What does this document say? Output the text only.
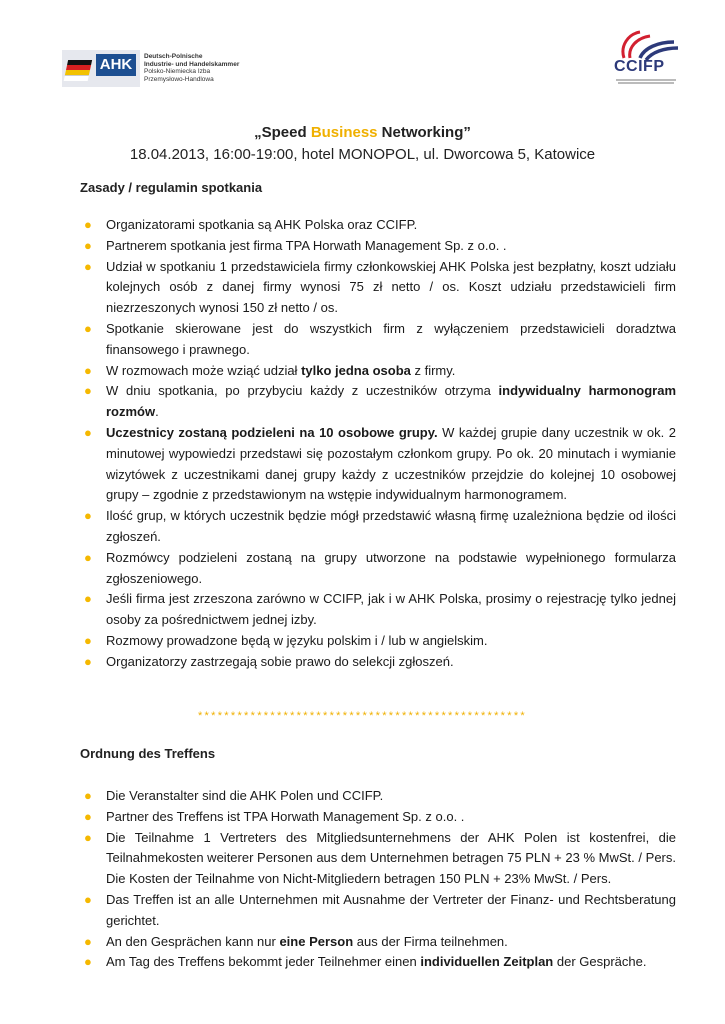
AHK	Deutsch-Polnische
Industrie- und Handelskammer
Polsko-Niemiecka Izba
Przemysłowo-Handlowa
CCIFP
„Speed Business Networking”
18.04.2013, 16:00-19:00, hotel MONOPOL, ul. Dworcowa 5, Katowice
Zasady / regulamin spotkania
● Organizatorami spotkania są AHK Polska oraz CCIFP.
● Partnerem spotkania jest firma TPA Horwath Management Sp. z o.o. .
● Udział w spotkaniu 1 przedstawiciela firmy członkowskiej AHK Polska jest bezpłatny, koszt udziału kolejnych osób z danej firmy wynosi 75 zł netto / os. Koszt udziału przedstawicieli firm niezrzeszonych wynosi 150 zł netto / os.
● Spotkanie skierowane jest do wszystkich firm z wyłączeniem przedstawicieli doradztwa finansowego i prawnego.
● W rozmowach może wziąć udział tylko jedna osoba z firmy.
● W dniu spotkania, po przybyciu każdy z uczestników otrzyma indywidualny harmonogram rozmów.
● Uczestnicy zostaną podzieleni na 10 osobowe grupy. W każdej grupie dany uczestnik w ok. 2 minutowej wypowiedzi przedstawi się pozostałym członkom grupy. Po ok. 20 minutach i wymianie wizytówek z uczestnikami danej grupy każdy z uczestników przejdzie do kolejnej 10 osobowej grupy – zgodnie z przedstawionym na wstępie indywidualnym harmonogramem.
● Ilość grup, w których uczestnik będzie mógł przedstawić własną firmę uzależniona będzie od ilości zgłoszeń.
● Rozmówcy podzieleni zostaną na grupy utworzone na podstawie wypełnionego formularza zgłoszeniowego.
● Jeśli firma jest zrzeszona zarówno w CCIFP, jak i w AHK Polska, prosimy o rejestrację tylko jednej osoby za pośrednictwem jednej izby.
● Rozmowy prowadzone będą w języku polskim i / lub w angielskim.
● Organizatorzy zastrzegają sobie prawo do selekcji zgłoszeń.
**************************************************
Ordnung des Treffens
● Die Veranstalter sind die AHK Polen und CCIFP.
● Partner des Treffens ist TPA Horwath Management Sp. z o.o. .
● Die Teilnahme 1 Vertreters des Mitgliedsunternehmens der AHK Polen ist kostenfrei, die Teilnahmekosten weiterer Personen aus dem Unternehmen betragen 75 PLN + 23 % MwSt. / Pers. Die Kosten der Teilnahme von Nicht-Mitgliedern betragen 150 PLN + 23% MwSt. / Pers.
● Das Treffen ist an alle Unternehmen mit Ausnahme der Vertreter der Finanz- und Rechtsberatung gerichtet.
● An den Gesprächen kann nur eine Person aus der Firma teilnehmen.
● Am Tag des Treffens bekommt jeder Teilnehmer einen individuellen Zeitplan der Gespräche.
